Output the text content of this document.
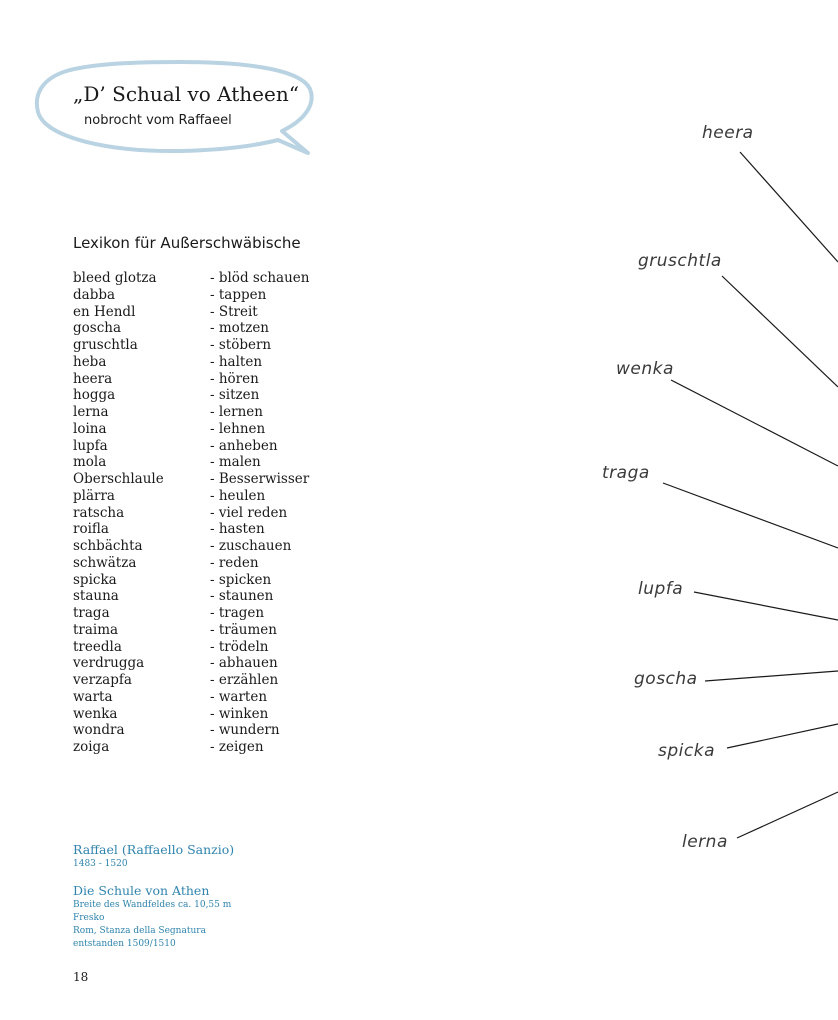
„D’ Schual vo Atheen“
nobrocht vom Raffaeel
Lexikon für Außerschwäbische
bleed glotza	- blöd schauen
dabba	- tappen
en Hendl	- Streit
goscha	- motzen
gruschtla	- stöbern
heba	- halten
heera	- hören
hogga	- sitzen
lerna	- lernen
loina	- lehnen
lupfa	- anheben
mola	- malen
Oberschlaule	- Besserwisser
plärra	- heulen
ratscha	- viel reden
roifla	- hasten
schbächta	- zuschauen
schwätza	- reden
spicka	- spicken
stauna	- staunen
traga	- tragen
traima	- träumen
treedla	- trödeln
verdrugga	- abhauen
verzapfa	- erzählen
warta	- warten
wenka	- winken
wondra	- wundern
zoiga	- zeigen
Raffael (Raffaello Sanzio)
1483 - 1520
Die Schule von Athen
Breite des Wandfeldes ca. 10,55 m
Fresko
Rom, Stanza della Segnatura
entstanden 1509/1510
18
heera
gruschtla
wenka
traga
lupfa
goscha
spicka
lerna
